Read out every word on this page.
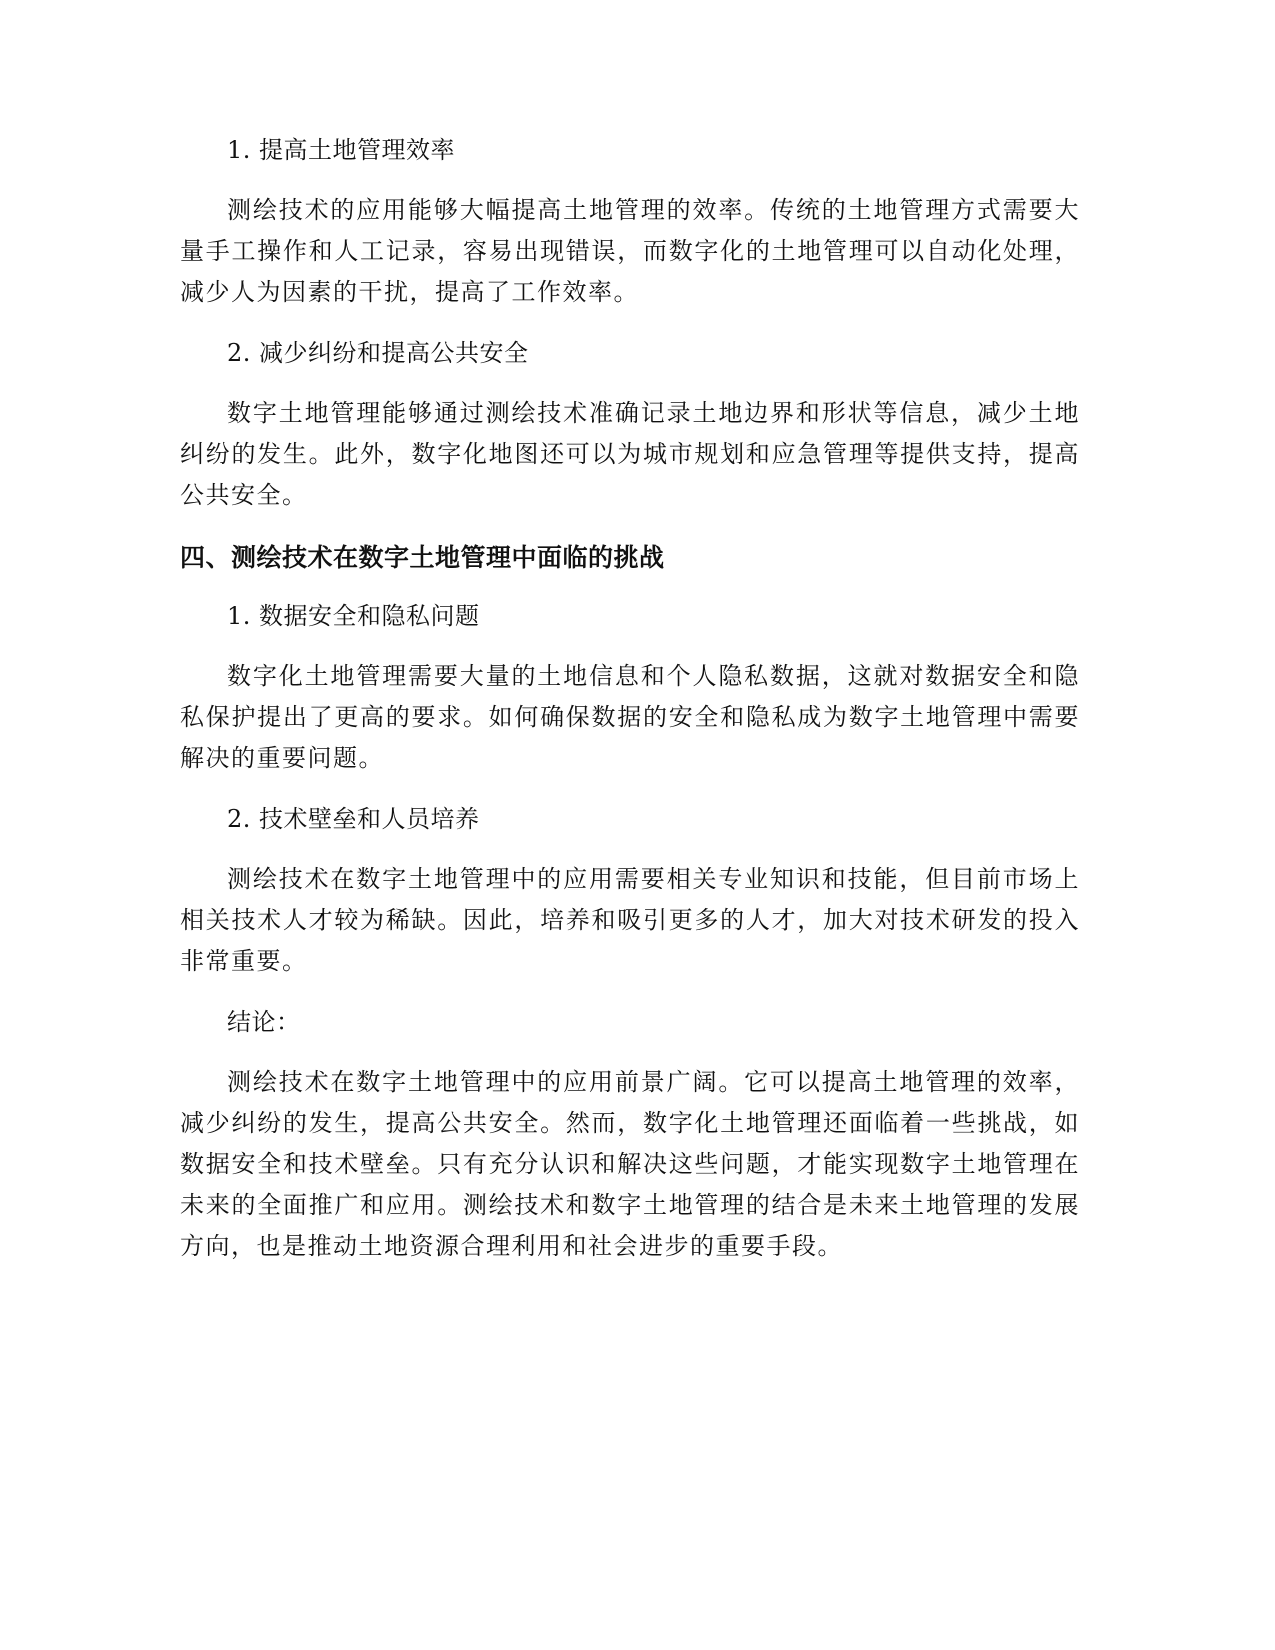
1. 提高土地管理效率

测绘技术的应用能够大幅提高土地管理的效率。传统的土地管理方式需要大量手工操作和人工记录，容易出现错误，而数字化的土地管理可以自动化处理，减少人为因素的干扰，提高了工作效率。

2. 减少纠纷和提高公共安全

数字土地管理能够通过测绘技术准确记录土地边界和形状等信息，减少土地纠纷的发生。此外，数字化地图还可以为城市规划和应急管理等提供支持，提高公共安全。

四、测绘技术在数字土地管理中面临的挑战

1. 数据安全和隐私问题

数字化土地管理需要大量的土地信息和个人隐私数据，这就对数据安全和隐私保护提出了更高的要求。如何确保数据的安全和隐私成为数字土地管理中需要解决的重要问题。

2. 技术壁垒和人员培养

测绘技术在数字土地管理中的应用需要相关专业知识和技能，但目前市场上相关技术人才较为稀缺。因此，培养和吸引更多的人才，加大对技术研发的投入非常重要。

结论：

测绘技术在数字土地管理中的应用前景广阔。它可以提高土地管理的效率，减少纠纷的发生，提高公共安全。然而，数字化土地管理还面临着一些挑战，如数据安全和技术壁垒。只有充分认识和解决这些问题，才能实现数字土地管理在未来的全面推广和应用。测绘技术和数字土地管理的结合是未来土地管理的发展方向，也是推动土地资源合理利用和社会进步的重要手段。
